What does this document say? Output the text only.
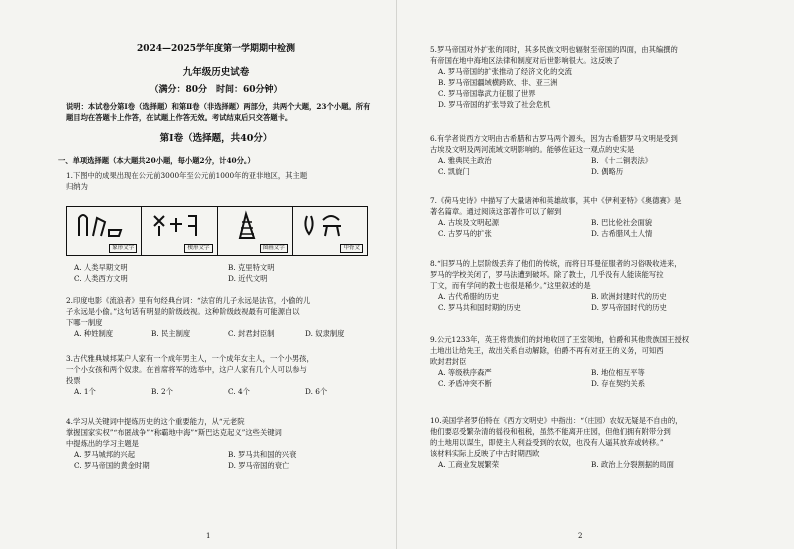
2024—2025学年度第一学期期中检测
九年级历史试卷
（满分：80分　时间：60分钟）
说明：本试卷分第Ⅰ卷（选择题）和第Ⅱ卷（非选择题）两部分，共两个大题，23个小题。所有题目均在答题卡上作答，在试题上作答无效。考试结束后只交答题卡。
第Ⅰ卷（选择题，共40分）
一、单项选择题（本大题共20小题，每小题2分，计40分。）
1.下图中的成果出现在公元前3000年至公元前1000年的亚非地区，其主题
归纳为
象形文字	楔形文字	图画文字	甲骨文
A. 人类早期文明	B. 克里特文明
C. 人类西方文明	D. 近代文明
2.印度电影《流浪者》里有句经典台词：“法官的儿子永远是法官，小偷的儿
子永远是小偷。”这句话有明显的阶级歧视。这种阶级歧视最有可能源自以
下哪一制度
A. 种姓制度	B. 民主制度	C. 封君封臣制	D. 奴隶制度
3.古代雅典城邦某户人家有一个成年男主人，一个成年女主人，一个小男孩，
一个小女孩和两个奴隶。在首席将军的选举中，这户人家有几个人可以参与
投票
A. 1个	B. 2个	C. 4个	D. 6个
4.学习从关键词中提炼历史的这个重要能力，从“元老院
掌握国家实权”“布匿战争”“称霸地中海”“斯巴达克起义”这些关键词
中提炼出的学习主题是
A. 罗马城邦的兴起	B. 罗马共和国的兴衰
C. 罗马帝国的黄金时期	D. 罗马帝国的衰亡
1
5.罗马帝国对外扩张的同时，其多民族文明也辐射至帝国的四面，由其编撰的
有帝国在地中海地区法律和制度对后世影响很大。这反映了
A. 罗马帝国的扩张推动了经济文化的交流
B. 罗马帝国疆域横跨欧、非、亚三洲
C. 罗马帝国靠武力征服了世界
D. 罗马帝国的扩张导致了社会危机
6.有学者说西方文明由古希腊和古罗马两个源头，因为古希腊罗马文明是受到
古埃及文明及两河流域文明影响的。能够佐证这一观点的史实是
A. 雅典民主政治	B. 《十二铜表法》
C. 凯旋门	D. 偶略历
7.《荷马史诗》中描写了大量诸神和英雄故事，其中《伊利亚特》《奥德赛》是
著名篇章。通过阅读这部著作可以了解到
A. 古埃及文明起源	B. 巴比伦社会面貌
C. 古罗马的扩张	D. 古希腊风土人情
8.“旧罗马的上层阶级丢弃了他们的传统，而将日耳曼征服者的习俗吸收进来，
罗马的学校关闭了，罗马法遭到破坏。除了教士，几乎没有人能读能写拉
丁文，而有学问的教士也很是稀少。”这里叙述的是
A. 古代希腊的历史	B. 欧洲封建时代的历史
C. 罗马共和国时期的历史	D. 罗马帝国时代的历史
9.公元1233年，英王将贵族们的封地收回了王室领地，伯爵和其他贵族国王授权
土地出让给先王，故出关系自动解除，伯爵不再有对亚王的义务，可知西
欧封君封臣
A. 等级秩序森严	B. 地位相互平等
C. 矛盾冲突不断	D. 存在契约关系
10.美国学者罗伯特在《西方文明史》中指出：“（庄园）农奴无疑是不自由的，
他们要忍受繁杂清的徭役和租税，虽然不能离开庄园，但他们拥有附带分到
的土地用以谋生，即使主人利益受到的农奴，也没有人逼其放弃或转移。”
该材料实际上反映了中古时期西欧
A. 工商业发展繁荣	B. 政治上分裂割据的局面
2
